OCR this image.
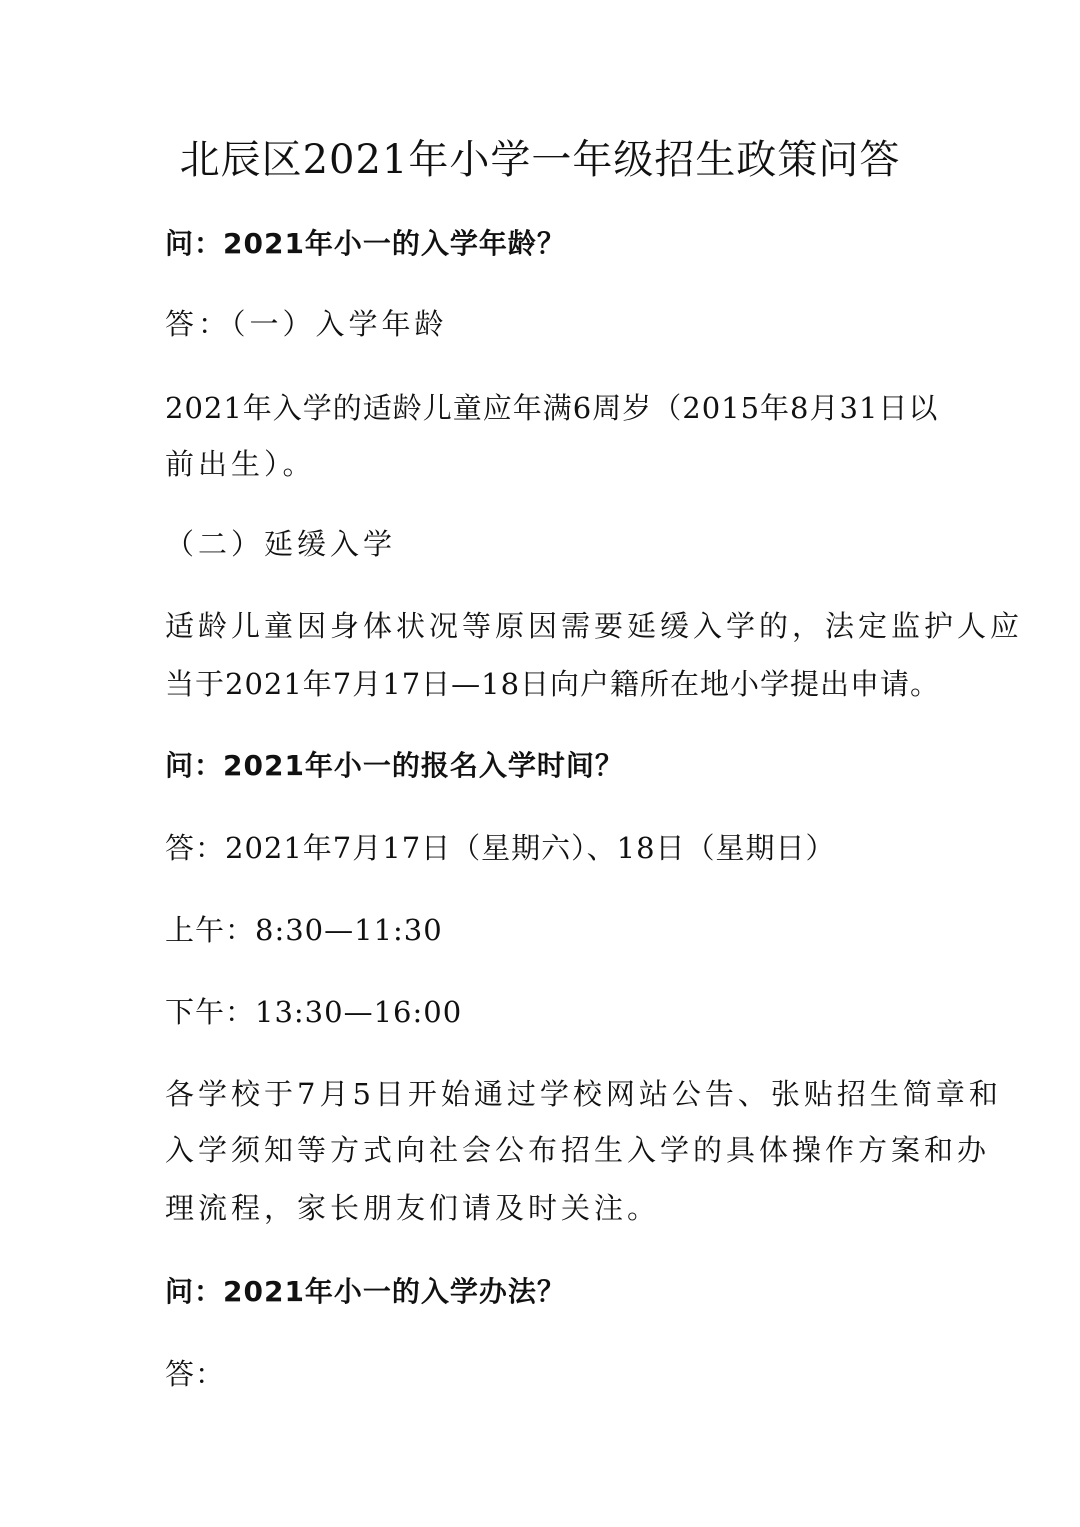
北辰区2021年小学一年级招生政策问答
问：2021年小一的入学年龄？
答：（一）入学年龄
2021年入学的适龄儿童应年满6周岁（2015年8月31日以
前出生）。
（二）延缓入学
适龄儿童因身体状况等原因需要延缓入学的，法定监护人应
当于2021年7月17日—18日向户籍所在地小学提出申请。
问：2021年小一的报名入学时间？
答：2021年7月17日（星期六）、18日（星期日）
上午：8:30—11:30
下午：13:30—16:00
各学校于7月5日开始通过学校网站公告、张贴招生简章和
入学须知等方式向社会公布招生入学的具体操作方案和办
理流程，家长朋友们请及时关注。
问：2021年小一的入学办法？
答：
